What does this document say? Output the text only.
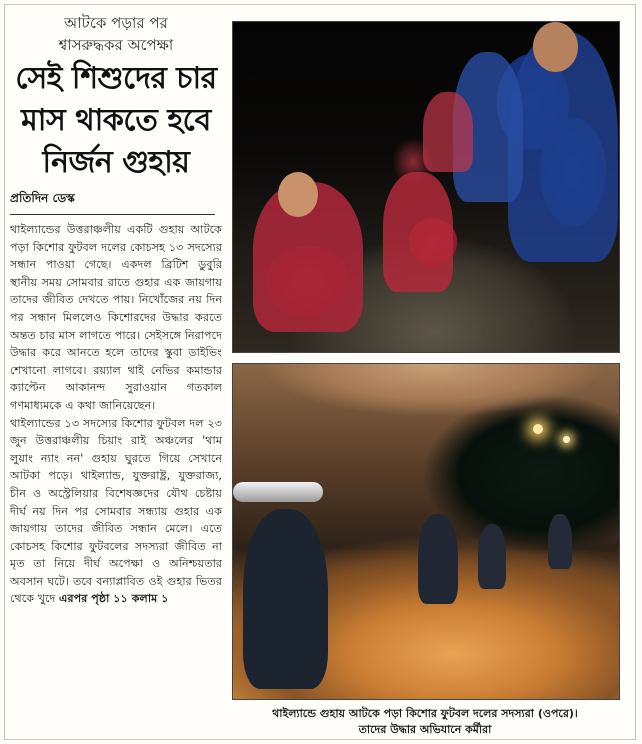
আটকে পড়ার পর
শ্বাসরুদ্ধকর অপেক্ষা
সেই শিশুদের চার
মাস থাকতে হবে
নির্জন গুহায়
প্রতিদিন ডেস্ক

থাইল্যান্ডের উত্তরাঞ্চলীয় একটি গুহায় আটকে পড়া কিশোর ফুটবল দলের কোচসহ ১৩ সদস্যের সন্ধান পাওয়া গেছে। একদল ব্রিটিশ ডুবুরি স্থানীয় সময় সোমবার রাতে গুহার এক জায়গায় তাদের জীবিত দেখতে পায়। নিখোঁজের নয় দিন পর সন্ধান মিললেও কিশোরদের উদ্ধার করতে অন্তত চার মাস লাগতে পারে। সেইসঙ্গে নিরাপদে উদ্ধার করে আনতে হলে তাদের স্কুবা ডাইভিং শেখানো লাগবে। রয়্যাল থাই নেভির কমান্ডার ক্যাপ্টেন আকানন্দ সুরাওয়ান গতকাল গণমাধ্যমকে এ কথা জানিয়েছেন।

থাইল্যান্ডের ১৩ সদস্যের কিশোর ফুটবল দল ২৩ জুন উত্তরাঞ্চলীয় চিয়াং রাই অঞ্চলের 'থাম লুয়াং ন্যাং নন' গুহায় ঘুরতে গিয়ে সেখানে আটকা পড়ে। থাইল্যান্ড, যুক্তরাষ্ট্র, যুক্তরাজ্য, চীন ও অস্ট্রেলিয়ার বিশেষজ্ঞদের যৌথ চেষ্টায় দীর্ঘ নয় দিন পর সোমবার সন্ধ্যায় গুহার এক জায়গায় তাদের জীবিত সন্ধান মেলে। এতে কোচসহ কিশোর ফুটবলের সদস্যরা জীবিত না মৃত তা নিয়ে দীর্ঘ অপেক্ষা ও অনিশ্চয়তার অবসান ঘটে। তবে বন্যাপ্লাবিত ওই গুহার ভিতর থেকে খুদে এরপর পৃষ্ঠা ১১ কলাম ১

থাইল্যান্ডে গুহায় আটকে পড়া কিশোর ফুটবল দলের সদস্যরা (ওপরে)।
তাদের উদ্ধার অভিযানে কর্মীরা
